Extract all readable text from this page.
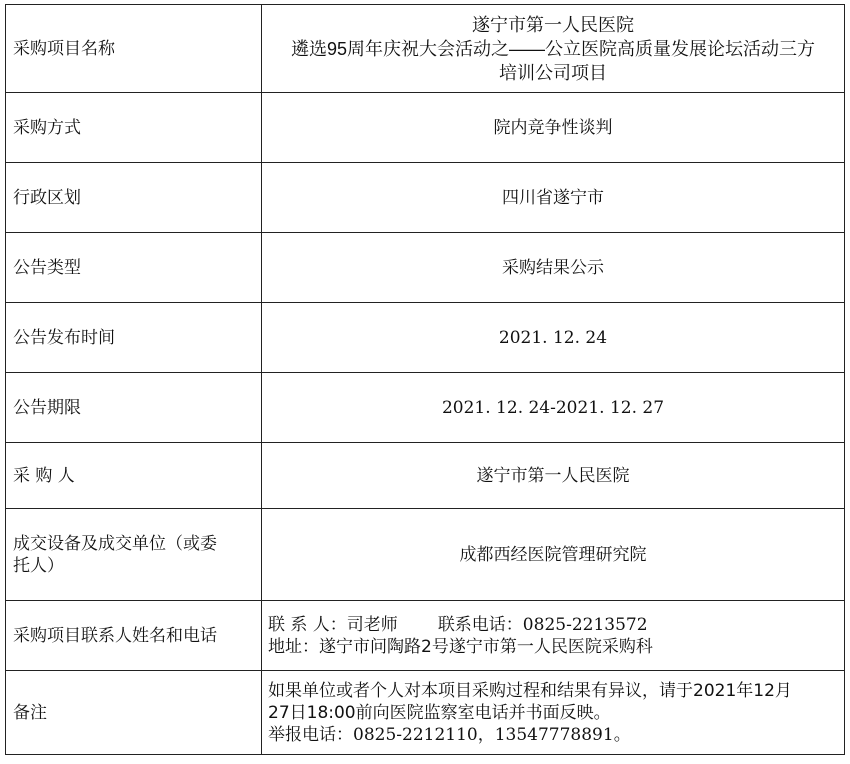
采购项目名称	遂宁市第一人民医院
遴选95周年庆祝大会活动之——公立医院高质量发展论坛活动三方
培训公司项目

采购方式	院内竞争性谈判
行政区划	四川省遂宁市
公告类型	采购结果公示
公告发布时间	2021. 12. 24
公告期限	2021. 12. 24-2021. 12. 27
采 购 人	遂宁市第一人民医院

成交设备及成交单位（或委
托人）	成都西经医院管理研究院
采购项目联系人姓名和电话	联 系 人：司老师 联系电话：0825-2213572
地址：遂宁市问陶路2号遂宁市第一人民医院采购科

备注	如果单位或者个人对本项目采购过程和结果有异议，请于2021年12月
27日18:00前向医院监察室电话并书面反映。
举报电话：0825-2212110，13547778891。
